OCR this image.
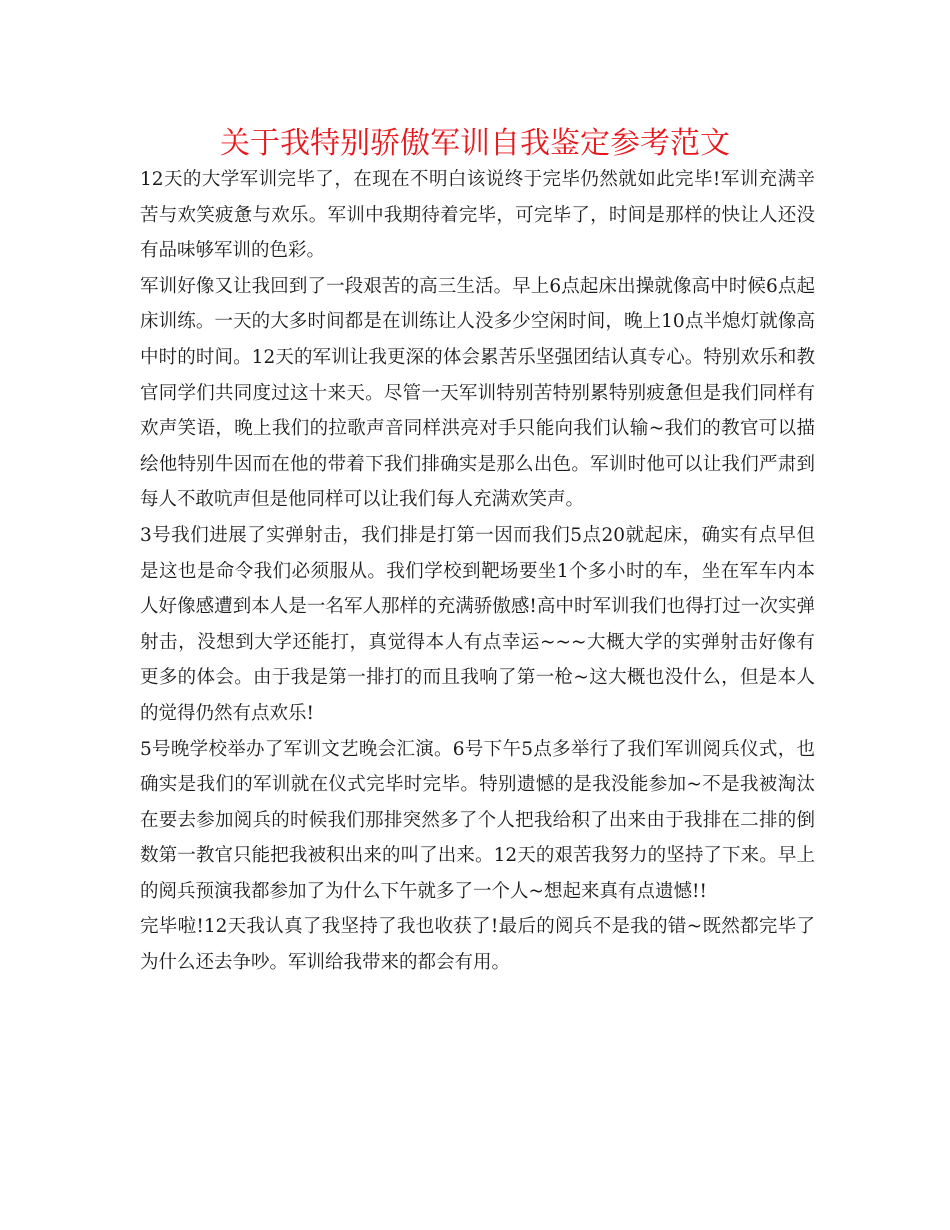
关于我特别骄傲军训自我鉴定参考范文

12天的大学军训完毕了，在现在不明白该说终于完毕仍然就如此完毕!军训充满辛苦与欢笑疲惫与欢乐。军训中我期待着完毕，可完毕了，时间是那样的快让人还没有品味够军训的色彩。

军训好像又让我回到了一段艰苦的高三生活。早上6点起床出操就像高中时候6点起床训练。一天的大多时间都是在训练让人没多少空闲时间，晚上10点半熄灯就像高中时的时间。12天的军训让我更深的体会累苦乐坚强团结认真专心。特别欢乐和教官同学们共同度过这十来天。尽管一天军训特别苦特别累特别疲惫但是我们同样有欢声笑语，晚上我们的拉歌声音同样洪亮对手只能向我们认输~我们的教官可以描绘他特别牛因而在他的带着下我们排确实是那么出色。军训时他可以让我们严肃到每人不敢吭声但是他同样可以让我们每人充满欢笑声。

3号我们进展了实弹射击，我们排是打第一因而我们5点20就起床，确实有点早但是这也是命令我们必须服从。我们学校到靶场要坐1个多小时的车，坐在军车内本人好像感遭到本人是一名军人那样的充满骄傲感!高中时军训我们也得打过一次实弹射击，没想到大学还能打，真觉得本人有点幸运~~~大概大学的实弹射击好像有更多的体会。由于我是第一排打的而且我响了第一枪~这大概也没什么，但是本人的觉得仍然有点欢乐!

5号晚学校举办了军训文艺晚会汇演。6号下午5点多举行了我们军训阅兵仪式，也确实是我们的军训就在仪式完毕时完毕。特别遗憾的是我没能参加~不是我被淘汰在要去参加阅兵的时候我们那排突然多了个人把我给积了出来由于我排在二排的倒数第一教官只能把我被积出来的叫了出来。12天的艰苦我努力的坚持了下来。早上的阅兵预演我都参加了为什么下午就多了一个人~想起来真有点遗憾!!

完毕啦!12天我认真了我坚持了我也收获了!最后的阅兵不是我的错~既然都完毕了为什么还去争吵。军训给我带来的都会有用。
